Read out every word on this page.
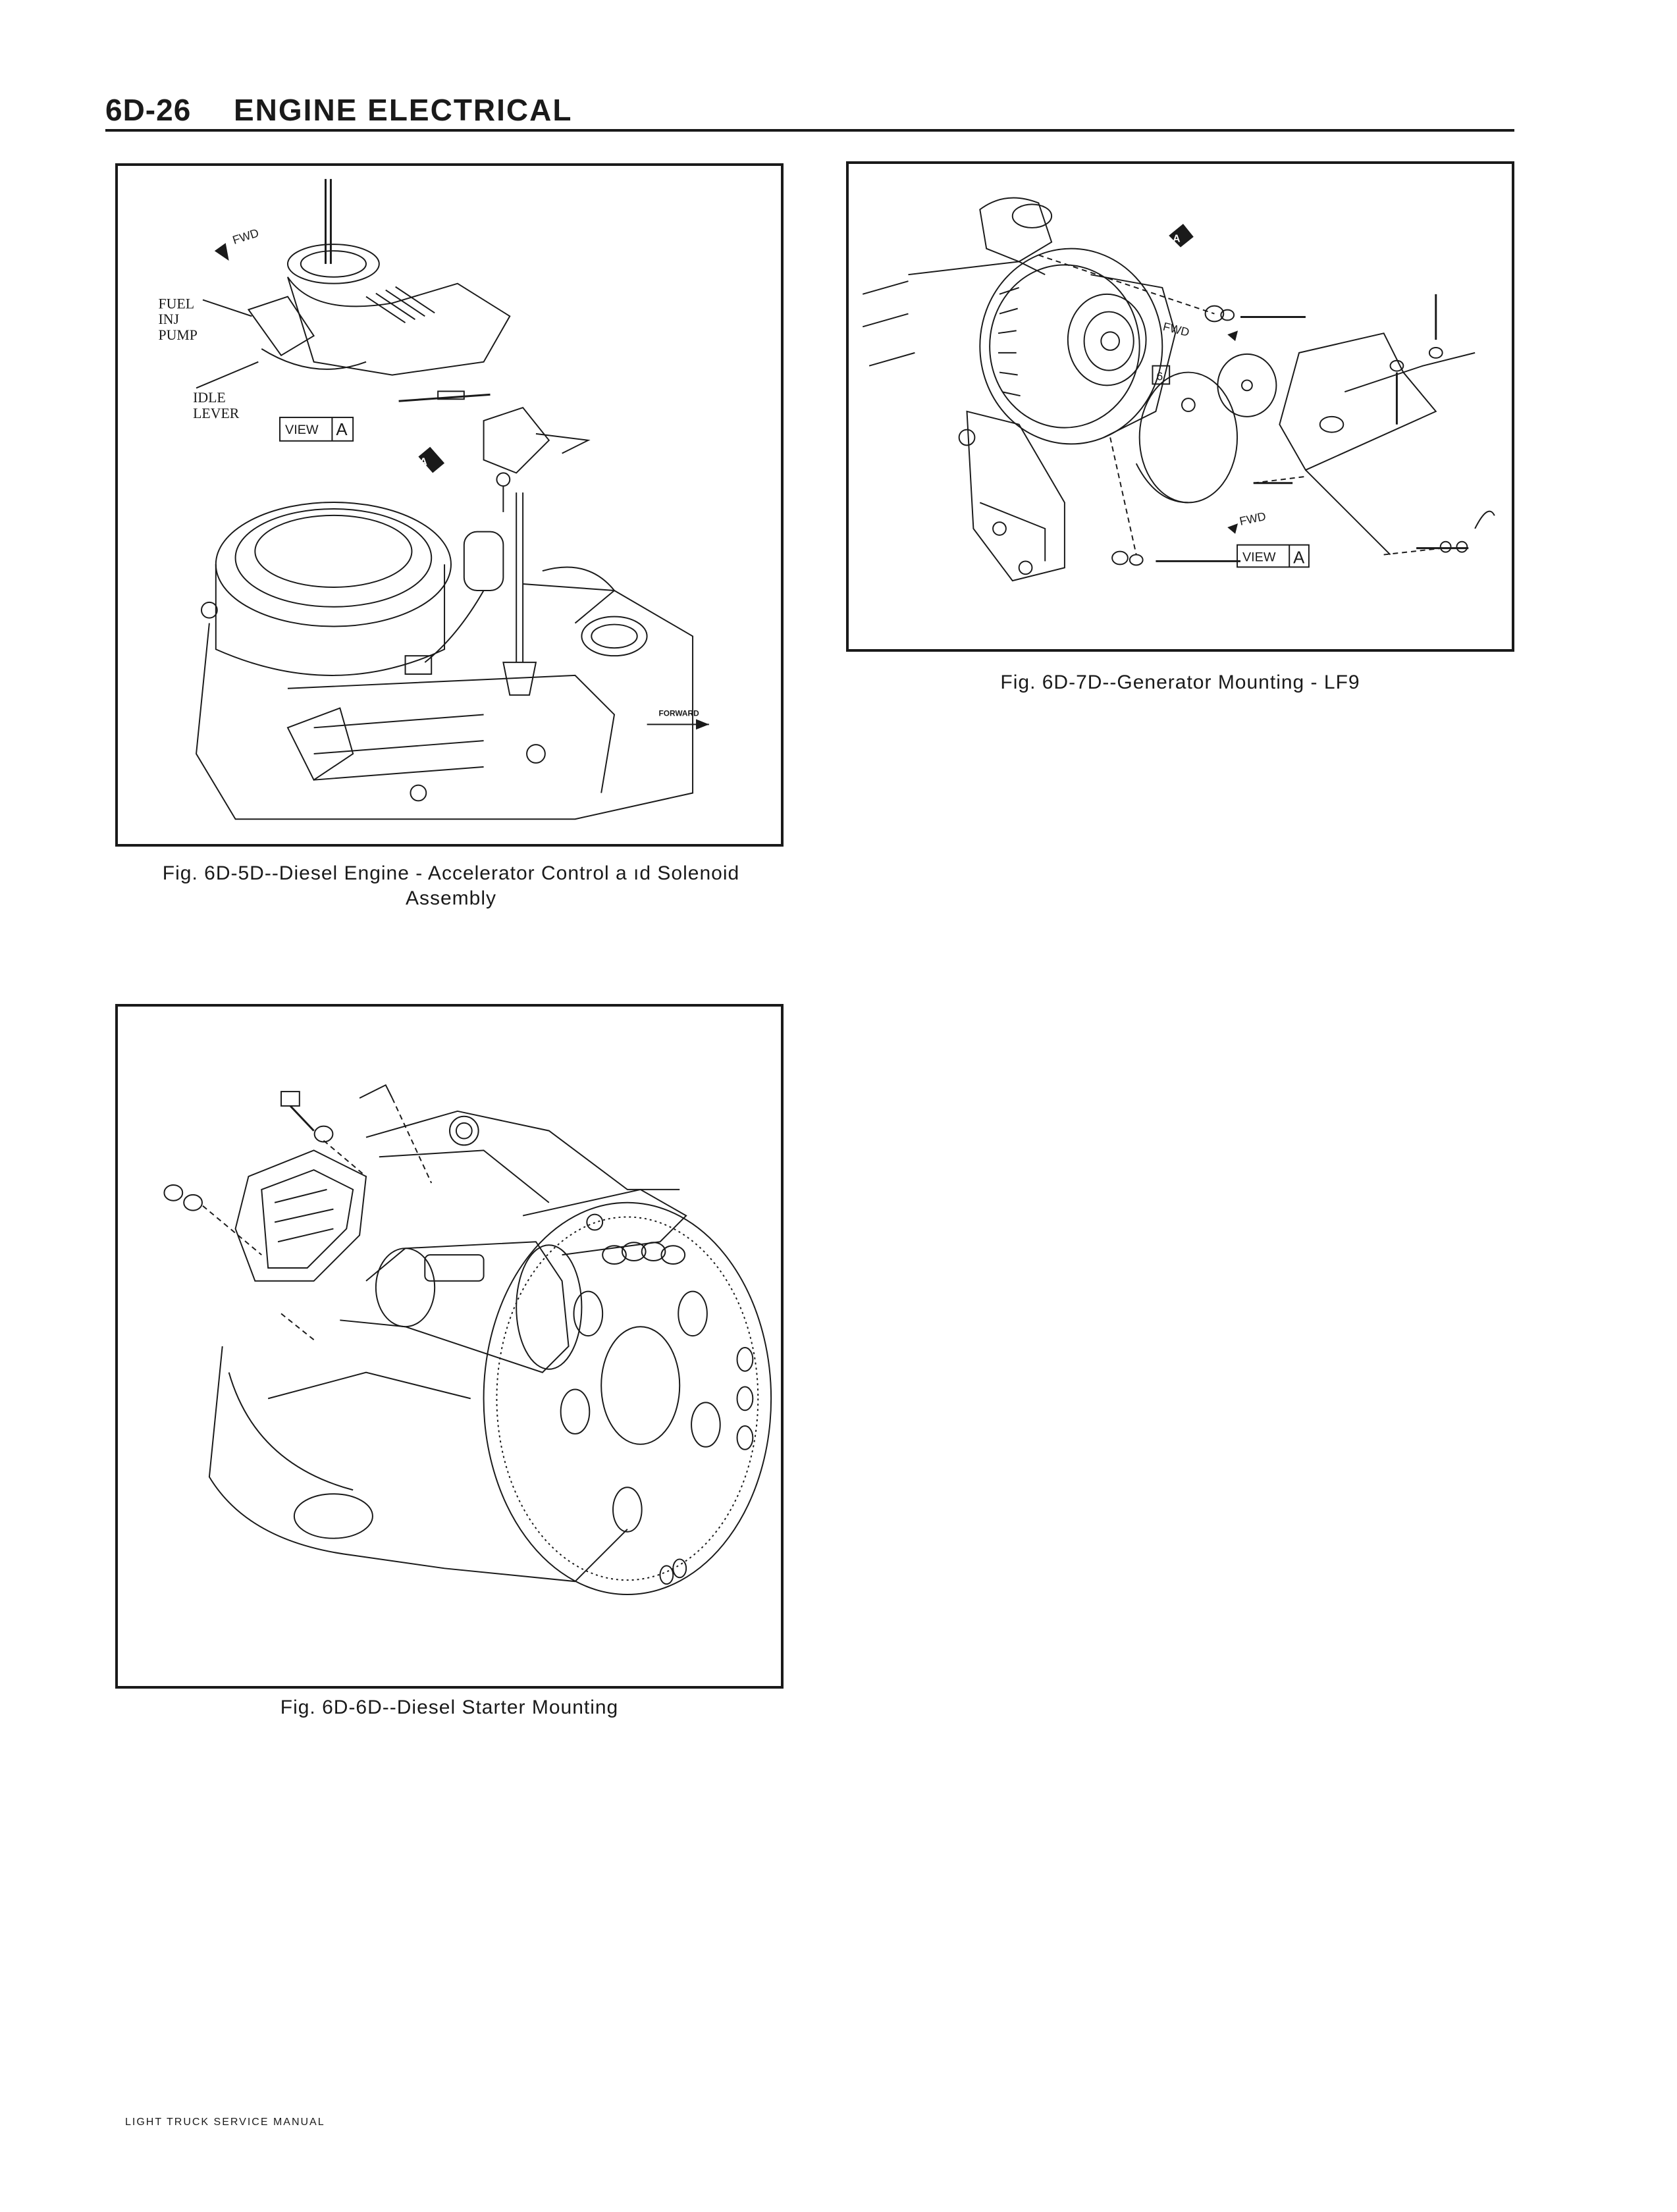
6D-26 ENGINE ELECTRICAL
A
FWD
FUEL
INJ
PUMP
IDLE
LEVER
VIEW A
FORWARD
Fig. 6D-5D--Diesel Engine - Accelerator Control a ıd Solenoid
Assembly
A
FWD
FWD
6
VIEW A
Fig. 6D-7D--Generator Mounting - LF9
Fig. 6D-6D--Diesel Starter Mounting
LIGHT TRUCK SERVICE MANUAL
